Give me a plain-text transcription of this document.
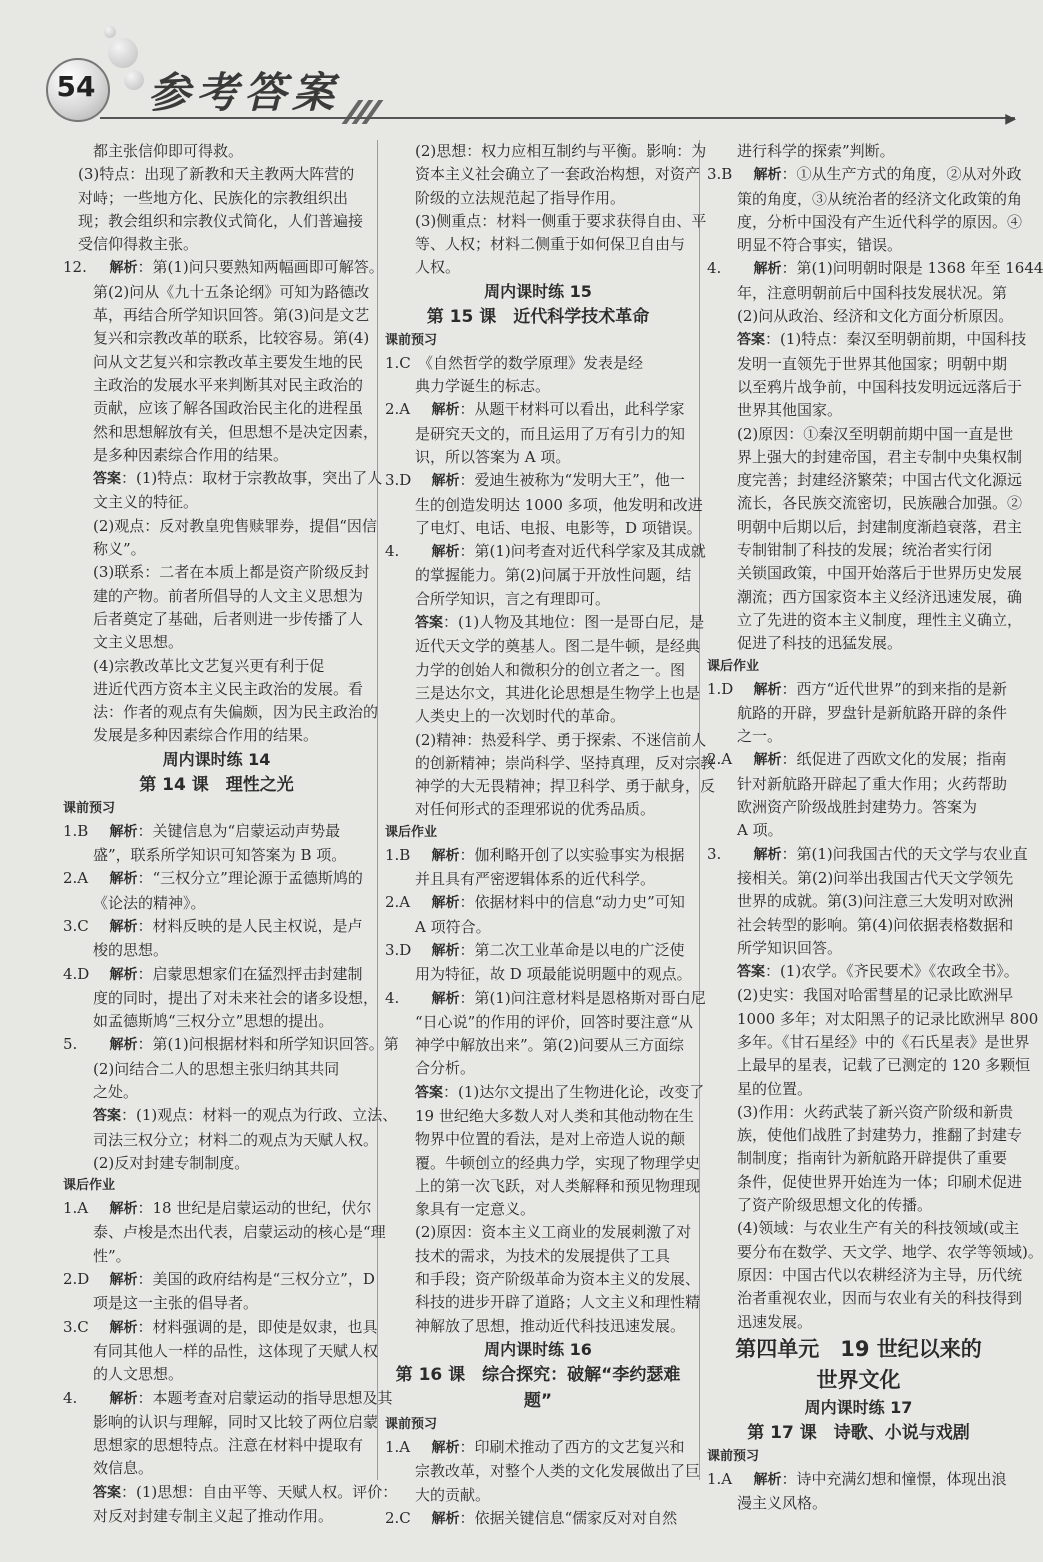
54 参考答案
▶
都主张信仰即可得救。
(3)特点：出现了新教和天主教两大阵营的
对峙；一些地方化、民族化的宗教组织出
现；教会组织和宗教仪式简化，人们普遍接
受信仰得救主张。
12. 解析：第(1)问只要熟知两幅画即可解答。
第(2)问从《九十五条论纲》可知为路德改
革，再结合所学知识回答。第(3)问是文艺
复兴和宗教改革的联系，比较容易。第(4)
问从文艺复兴和宗教改革主要发生地的民
主政治的发展水平来判断其对民主政治的
贡献，应该了解各国政治民主化的进程虽
然和思想解放有关，但思想不是决定因素，
是多种因素综合作用的结果。
答案：(1)特点：取材于宗教故事，突出了人
文主义的特征。
(2)观点：反对教皇兜售赎罪券，提倡“因信
称义”。
(3)联系：二者在本质上都是资产阶级反封
建的产物。前者所倡导的人文主义思想为
后者奠定了基础，后者则进一步传播了人
文主义思想。
(4)宗教改革比文艺复兴更有利于促
进近代西方资本主义民主政治的发展。看
法：作者的观点有失偏颇，因为民主政治的
发展是多种因素综合作用的结果。
周内课时练 14
第 14 课　理性之光
课前预习
1.B 解析：关键信息为“启蒙运动声势最
盛”，联系所学知识可知答案为 B 项。
2.A 解析：“三权分立”理论源于孟德斯鸠的
《论法的精神》。
3.C 解析：材料反映的是人民主权说，是卢
梭的思想。
4.D 解析：启蒙思想家们在猛烈抨击封建制
度的同时，提出了对未来社会的诸多设想，
如孟德斯鸠“三权分立”思想的提出。
5. 解析：第(1)问根据材料和所学知识回答。第
(2)问结合二人的思想主张归纳其共同
之处。
答案：(1)观点：材料一的观点为行政、立法、
司法三权分立；材料二的观点为天赋人权。
(2)反对封建专制制度。
课后作业
1.A 解析：18 世纪是启蒙运动的世纪，伏尔
泰、卢梭是杰出代表，启蒙运动的核心是“理
性”。
2.D 解析：美国的政府结构是“三权分立”，D
项是这一主张的倡导者。
3.C 解析：材料强调的是，即使是奴隶，也具
有同其他人一样的品性，这体现了天赋人权
的人文思想。
4. 解析：本题考查对启蒙运动的指导思想及其
影响的认识与理解，同时又比较了两位启蒙
思想家的思想特点。注意在材料中提取有
效信息。
答案：(1)思想：自由平等、天赋人权。评价：
对反对封建专制主义起了推动作用。
(2)思想：权力应相互制约与平衡。影响：为
资本主义社会确立了一套政治构想，对资产
阶级的立法规范起了指导作用。
(3)侧重点：材料一侧重于要求获得自由、平
等、人权；材料二侧重于如何保卫自由与
人权。
周内课时练 15
第 15 课　近代科学技术革命
课前预习
1.C 《自然哲学的数学原理》发表是经
典力学诞生的标志。
2.A 解析：从题干材料可以看出，此科学家
是研究天文的，而且运用了万有引力的知
识，所以答案为 A 项。
3.D 解析：爱迪生被称为“发明大王”，他一
生的创造发明达 1000 多项，他发明和改进
了电灯、电话、电报、电影等，D 项错误。
4. 解析：第(1)问考查对近代科学家及其成就
的掌握能力。第(2)问属于开放性问题，结
合所学知识，言之有理即可。
答案：(1)人物及其地位：图一是哥白尼，是
近代天文学的奠基人。图二是牛顿，是经典
力学的创始人和微积分的创立者之一。图
三是达尔文，其进化论思想是生物学上也是
人类史上的一次划时代的革命。
(2)精神：热爱科学、勇于探索、不迷信前人
的创新精神；崇尚科学、坚持真理，反对宗教
神学的大无畏精神；捍卫科学、勇于献身，反
对任何形式的歪理邪说的优秀品质。
课后作业
1.B 解析：伽利略开创了以实验事实为根据
并且具有严密逻辑体系的近代科学。
2.A 解析：依据材料中的信息“动力史”可知
A 项符合。
3.D 解析：第二次工业革命是以电的广泛使
用为特征，故 D 项最能说明题中的观点。
4. 解析：第(1)问注意材料是恩格斯对哥白尼
“日心说”的作用的评价，回答时要注意“从
神学中解放出来”。第(2)问要从三方面综
合分析。
答案：(1)达尔文提出了生物进化论，改变了
19 世纪绝大多数人对人类和其他动物在生
物界中位置的看法，是对上帝造人说的颠
覆。牛顿创立的经典力学，实现了物理学史
上的第一次飞跃，对人类解释和预见物理现
象具有一定意义。
(2)原因：资本主义工商业的发展刺激了对
技术的需求，为技术的发展提供了工具
和手段；资产阶级革命为资本主义的发展、
科技的进步开辟了道路；人文主义和理性精
神解放了思想，推动近代科技迅速发展。
周内课时练 16
第 16 课　综合探究：破解“李约瑟难题”
课前预习
1.A 解析：印刷术推动了西方的文艺复兴和
宗教改革，对整个人类的文化发展做出了巨
大的贡献。
2.C 解析：依据关键信息“儒家反对对自然
进行科学的探索”判断。
3.B 解析：①从生产方式的角度，②从对外政
策的角度，③从统治者的经济文化政策的角
度，分析中国没有产生近代科学的原因。④
明显不符合事实，错误。
4. 解析：第(1)问明朝时限是 1368 年至 1644
年，注意明朝前后中国科技发展状况。第
(2)问从政治、经济和文化方面分析原因。
答案：(1)特点：秦汉至明朝前期，中国科技
发明一直领先于世界其他国家；明朝中期
以至鸦片战争前，中国科技发明远远落后于
世界其他国家。
(2)原因：①秦汉至明朝前期中国一直是世
界上强大的封建帝国，君主专制中央集权制
度完善；封建经济繁荣；中国古代文化源远
流长，各民族交流密切，民族融合加强。②
明朝中后期以后，封建制度渐趋衰落，君主
专制钳制了科技的发展；统治者实行闭
关锁国政策，中国开始落后于世界历史发展
潮流；西方国家资本主义经济迅速发展，确
立了先进的资本主义制度，理性主义确立，
促进了科技的迅猛发展。
课后作业
1.D 解析：西方“近代世界”的到来指的是新
航路的开辟，罗盘针是新航路开辟的条件
之一。
2.A 解析：纸促进了西欧文化的发展；指南
针对新航路开辟起了重大作用；火药帮助
欧洲资产阶级战胜封建势力。答案为
A 项。
3. 解析：第(1)问我国古代的天文学与农业直
接相关。第(2)问举出我国古代天文学领先
世界的成就。第(3)问注意三大发明对欧洲
社会转型的影响。第(4)问依据表格数据和
所学知识回答。
答案：(1)农学。《齐民要术》《农政全书》。
(2)史实：我国对哈雷彗星的记录比欧洲早
1000 多年；对太阳黑子的记录比欧洲早 800
多年。《甘石星经》中的《石氏星表》是世界
上最早的星表，记载了已测定的 120 多颗恒
星的位置。
(3)作用：火药武装了新兴资产阶级和新贵
族，使他们战胜了封建势力，推翻了封建专
制制度；指南针为新航路开辟提供了重要
条件，促使世界开始连为一体；印刷术促进
了资产阶级思想文化的传播。
(4)领域：与农业生产有关的科技领域(或主
要分布在数学、天文学、地学、农学等领域)。
原因：中国古代以农耕经济为主导，历代统
治者重视农业，因而与农业有关的科技得到
迅速发展。
第四单元　19 世纪以来的
世界文化
周内课时练 17
第 17 课　诗歌、小说与戏剧
课前预习
1.A 解析：诗中充满幻想和憧憬，体现出浪
漫主义风格。
